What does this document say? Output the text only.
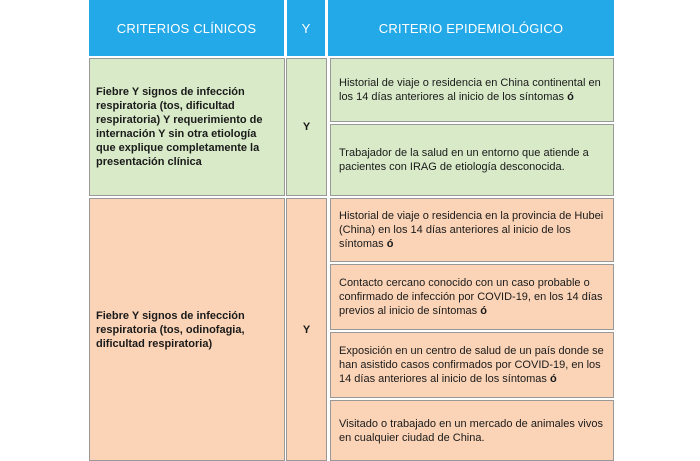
CRITERIOS CLÍNICOS	Y	CRITERIO EPIDEMIOLÓGICO
Fiebre Y signos de infección respiratoria (tos, dificultad respiratoria) Y requerimiento de internación Y sin otra etiología que explique completamente la presentación clínica
Y
Historial de viaje o residencia en China continental en los 14 días anteriores al inicio de los síntomas ó
Trabajador de la salud en un entorno que atiende a pacientes con IRAG de etiología desconocida.
Fiebre Y signos de infección respiratoria (tos, odinofagia, dificultad respiratoria)
Y
Historial de viaje o residencia en la provincia de Hubei (China) en los 14 días anteriores al inicio de los síntomas ó
Contacto cercano conocido con un caso probable o confirmado de infección por COVID-19, en los 14 días previos al inicio de síntomas ó
Exposición en un centro de salud de un país donde se han asistido casos confirmados por COVID-19, en los 14 días anteriores al inicio de los síntomas ó
Visitado o trabajado en un mercado de animales vivos en cualquier ciudad de China.
